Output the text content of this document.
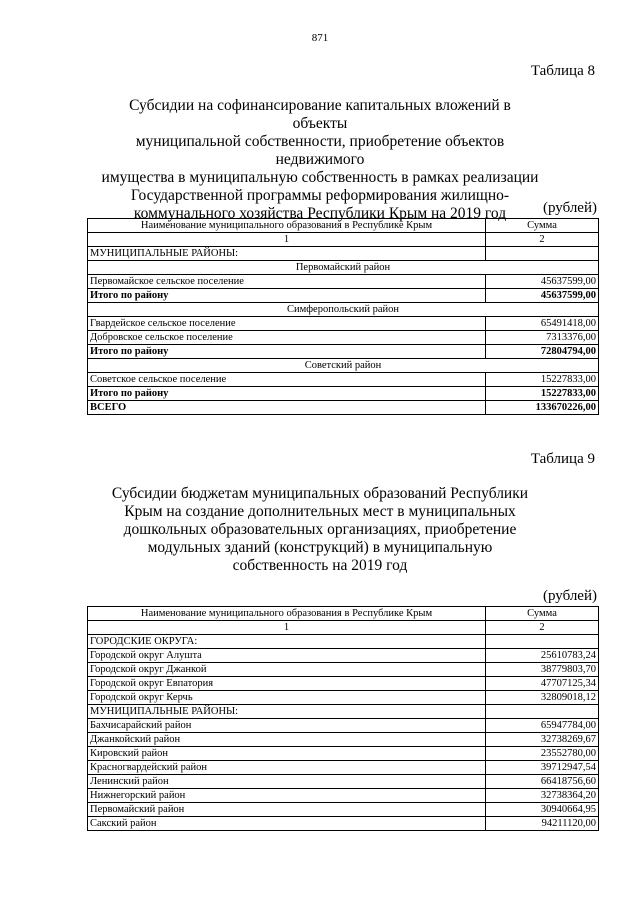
871
Таблица 8
Субсидии на софинансирование капитальных вложений в объекты
муниципальной собственности, приобретение объектов недвижимого
имущества в муниципальную собственность в рамках реализации
Государственной программы реформирования жилищно-
коммунального хозяйства Республики Крым на 2019 год	(рублей)
Наименование муниципального образования в Республике Крым	Сумма
1	2
МУНИЦИПАЛЬНЫЕ РАЙОНЫ:	
Первомайский район	
Первомайское сельское поселение	45637599,00
Итого по району	45637599,00
Симферопольский район	
Гвардейское сельское поселение	65491418,00
Добровское сельское поселение	7313376,00
Итого по району	72804794,00
Советский район	
Советское сельское поселение	15227833,00
Итого по району	15227833,00
ВСЕГО	133670226,00
Таблица 9
Субсидии бюджетам муниципальных образований Республики
Крым на создание дополнительных мест в муниципальных
дошкольных образовательных организациях, приобретение
модульных зданий (конструкций) в муниципальную
собственность на 2019 год
(рублей)
Наименование муниципального образования в Республике Крым	Сумма
1	2
ГОРОДСКИЕ ОКРУГА:	
Городской округ Алушта	25610783,24
Городской округ Джанкой	38779803,70
Городской округ Евпатория	47707125,34
Городской округ Керчь	32809018,12
МУНИЦИПАЛЬНЫЕ РАЙОНЫ:	
Бахчисарайский район	65947784,00
Джанкойский район	32738269,67
Кировский район	23552780,00
Красногвардейский район	39712947,54
Ленинский район	66418756,60
Нижнегорский район	32738364,20
Первомайский район	30940664,95
Сакский район	94211120,00
